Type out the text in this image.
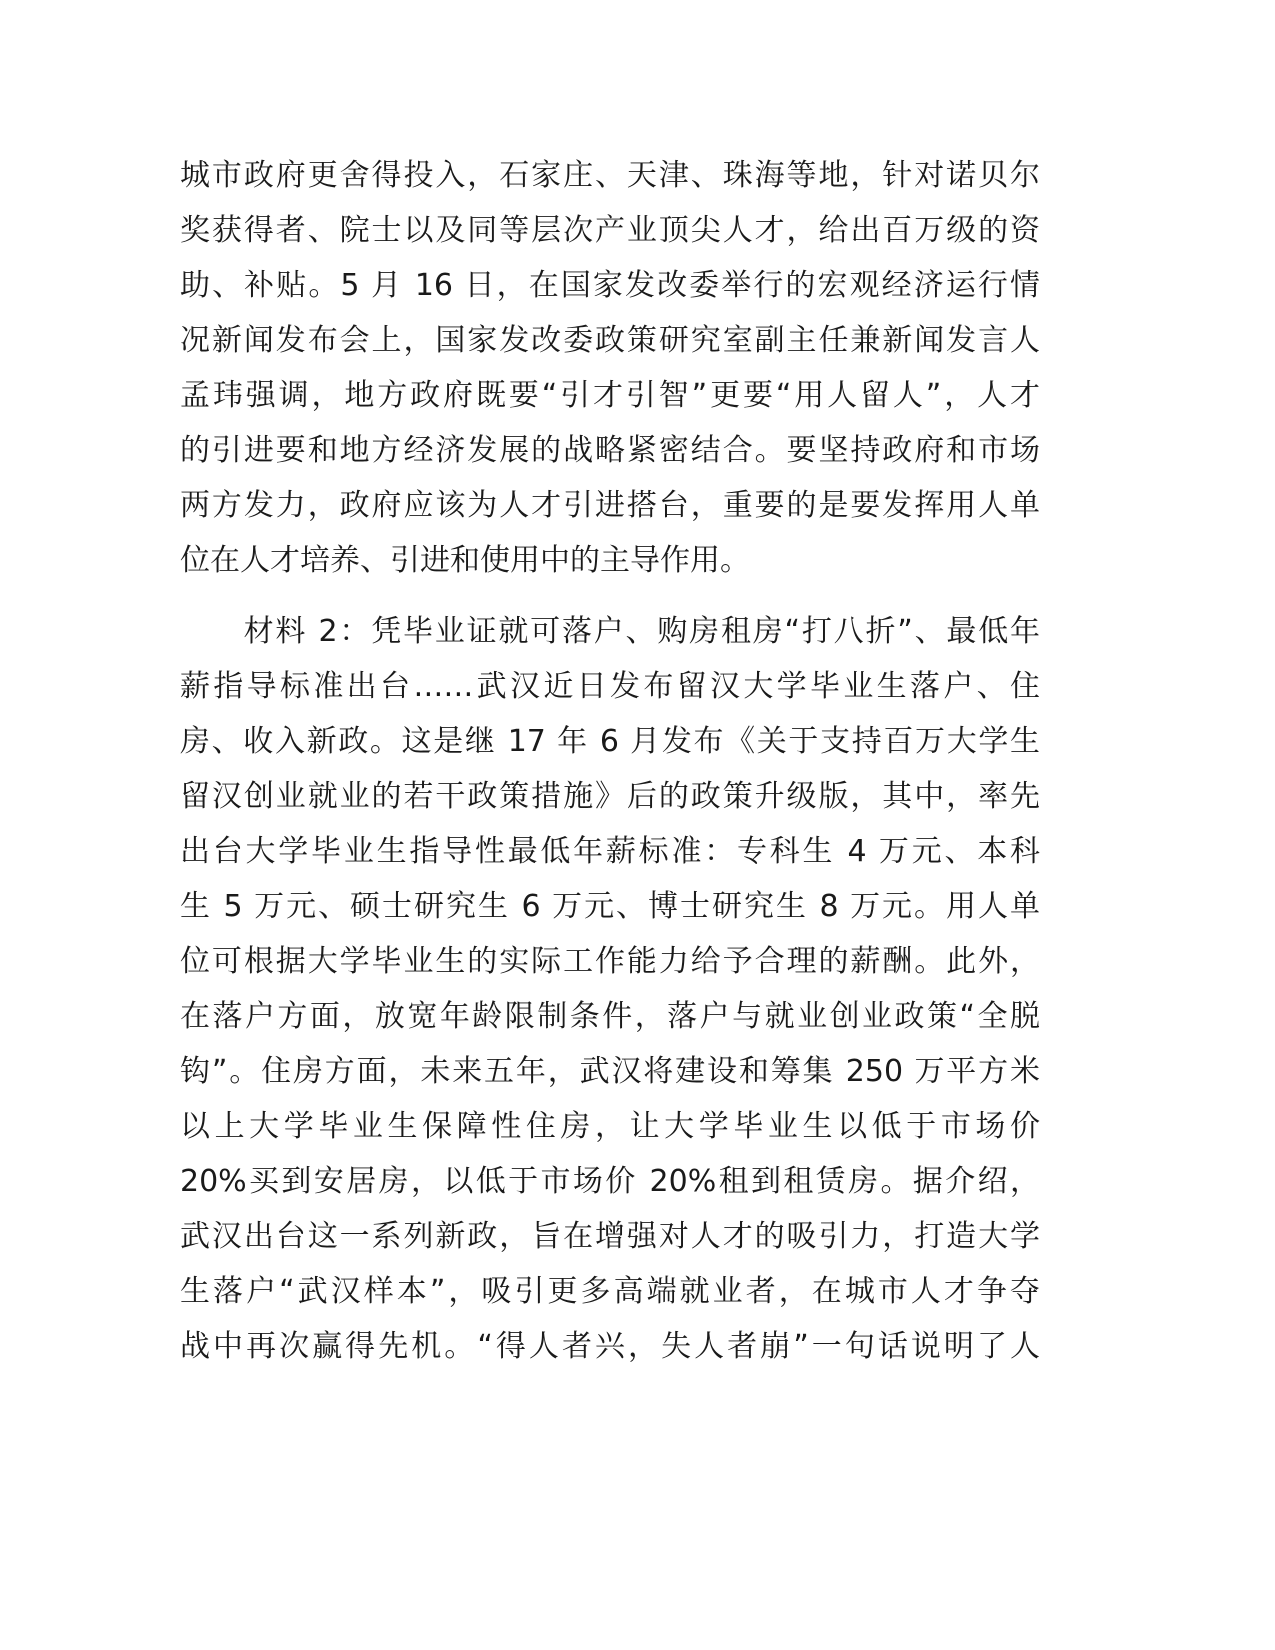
城市政府更舍得投入，石家庄、天津、珠海等地，针对诺贝尔
奖获得者、院士以及同等层次产业顶尖人才，给出百万级的资
助、补贴。5 月 16 日，在国家发改委举行的宏观经济运行情
况新闻发布会上，国家发改委政策研究室副主任兼新闻发言人
孟玮强调，地方政府既要“引才引智”更要“用人留人”，人才
的引进要和地方经济发展的战略紧密结合。要坚持政府和市场
两方发力，政府应该为人才引进搭台，重要的是要发挥用人单
位在人才培养、引进和使用中的主导作用。
　　材料 2：凭毕业证就可落户、购房租房“打八折”、最低年
薪指导标准出台……武汉近日发布留汉大学毕业生落户、住
房、收入新政。这是继 17 年 6 月发布《关于支持百万大学生
留汉创业就业的若干政策措施》后的政策升级版，其中，率先
出台大学毕业生指导性最低年薪标准：专科生 4 万元、本科
生 5 万元、硕士研究生 6 万元、博士研究生 8 万元。用人单
位可根据大学毕业生的实际工作能力给予合理的薪酬。此外，
在落户方面，放宽年龄限制条件，落户与就业创业政策“全脱
钩”。住房方面，未来五年，武汉将建设和筹集 250 万平方米
以上大学毕业生保障性住房，让大学毕业生以低于市场价
20%买到安居房，以低于市场价 20%租到租赁房。据介绍，
武汉出台这一系列新政，旨在增强对人才的吸引力，打造大学
生落户“武汉样本”，吸引更多高端就业者，在城市人才争夺
战中再次赢得先机。“得人者兴，失人者崩”一句话说明了人
